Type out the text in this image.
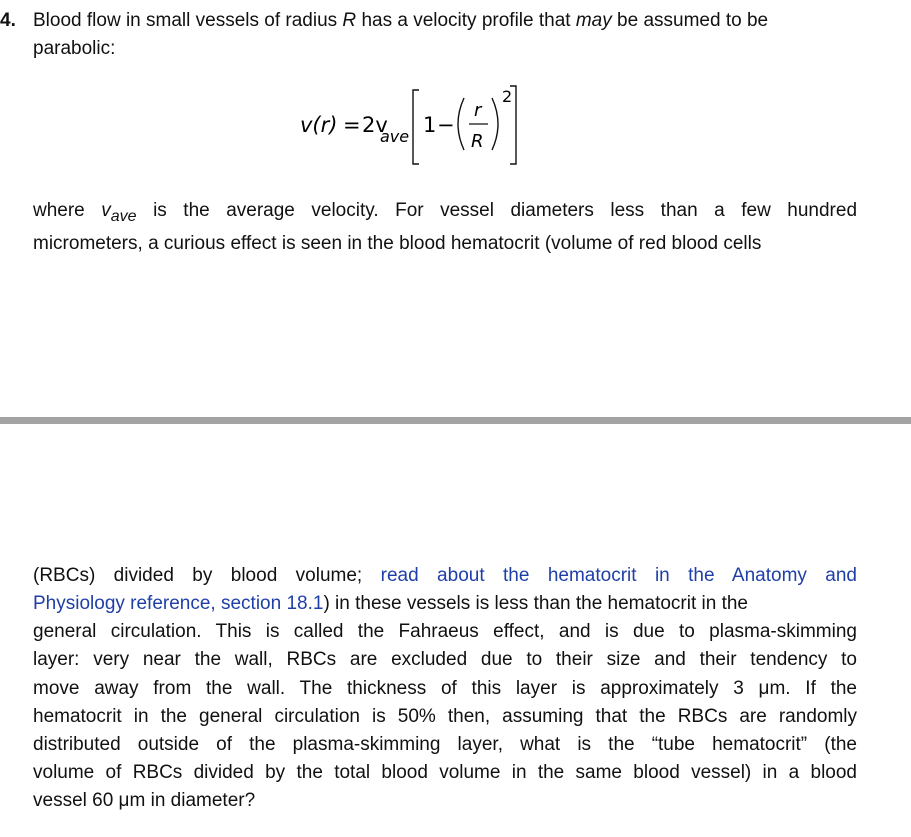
4. Blood flow in small vessels of radius R has a velocity profile that may be assumed to be
parabolic:
v(r) = 2v
ave 1 −
r
R
2
where $v_{ave}$ is the average velocity. For vessel diameters less than a few hundred
micrometers, a curious effect is seen in the blood hematocrit (volume of red blood cells
(RBCs) divided by blood volume; read about the hematocrit in the Anatomy and
Physiology reference, section 18.1) in these vessels is less than the hematocrit in the
general circulation. This is called the Fahraeus effect, and is due to plasma-skimming
layer: very near the wall, RBCs are excluded due to their size and their tendency to
move away from the wall. The thickness of this layer is approximately 3 μm. If the
hematocrit in the general circulation is 50% then, assuming that the RBCs are randomly
distributed outside of the plasma-skimming layer, what is the “tube hematocrit” (the
volume of RBCs divided by the total blood volume in the same blood vessel) in a blood
vessel 60 μm in diameter?
